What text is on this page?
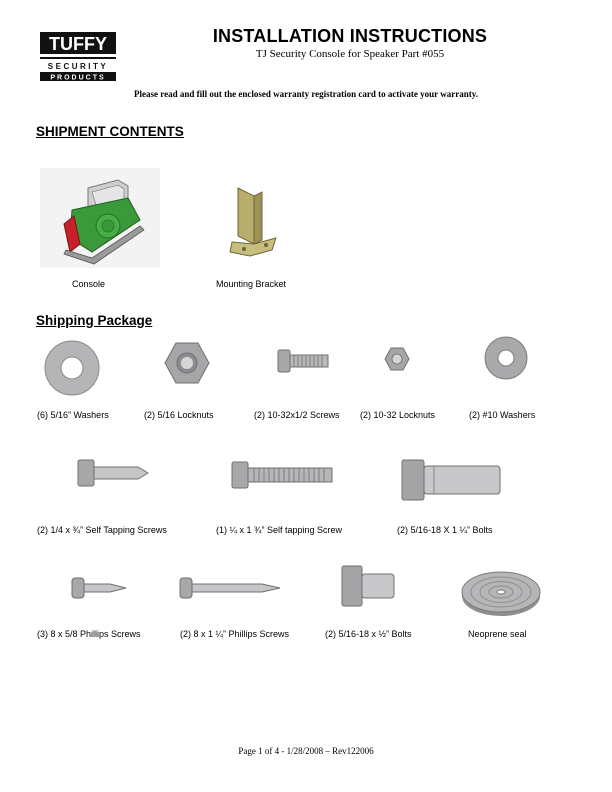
TUFFY
SECURITY
PRODUCTS
INSTALLATION INSTRUCTIONS
TJ Security Console for Speaker Part #055
Please read and fill out the enclosed warranty registration card to activate your warranty.
SHIPMENT CONTENTS
Console	Mounting Bracket
Shipping Package
(6) 5/16” Washers	(2) 5/16 Locknuts	(2) 10-32x1/2 Screws (2) 10-32 Locknuts	(2) #10 Washers
(2) 1/4 x ¾” Self Tapping Screws	(1) ¼ x 1 ¾” Self tapping Screw	(2) 5/16-18 X 1 ¼” Bolts
(3) 8 x 5/8 Phillips Screws	(2) 8 x 1 ¼” Phillips Screws	(2) 5/16-18 x ½” Bolts	Neoprene seal
Page 1 of 4 - 1/28/2008 – Rev122006
